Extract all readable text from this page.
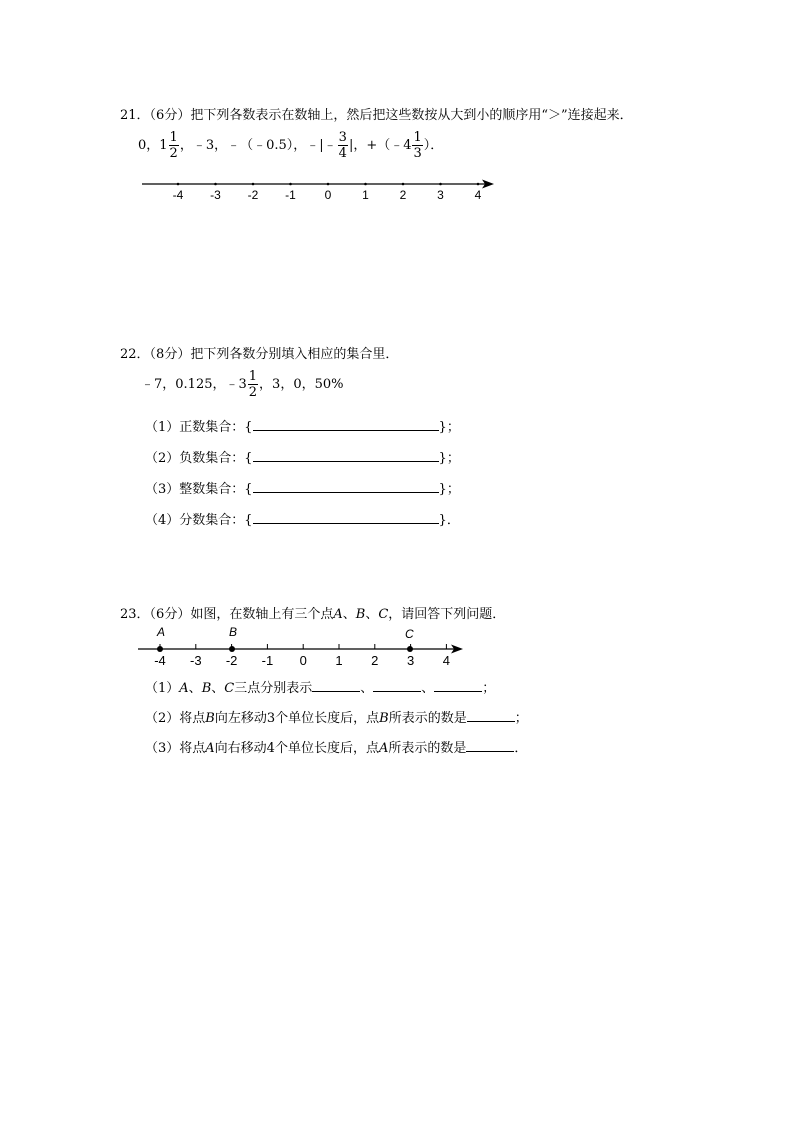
21．（6分）把下列各数表示在数轴上，然后把这些数按从大到小的顺序用“＞”连接起来．
0，$1 \frac{1}{2}$ ，﹣3，﹣（﹣0.5），﹣|﹣ $\frac{3}{4}$ |，+（﹣4 $\frac{1}{3}$ ）．
-4 -3 -2 -1 0	1	2	3	4
22．（8分）把下列各数分别填入相应的集合里．
﹣7，0.125，﹣3 $\frac{1}{2}$ ，3，0，50%
（1）正数集合：{	}；
（2）负数集合：{	}；
（3）整数集合：{	}；
（4）分数集合：{	}．
23．（6分）如图，在数轴上有三个点A、B、C，请回答下列问题．
-4 -3 -2 -1 0 1 2 3 4
A	B	C
（1）A、B、C三点分别表示	、	、	；
（2）将点B向左移动3个单位长度后，点B所表示的数是	；
（3）将点A向右移动4个单位长度后，点A所表示的数是	．
